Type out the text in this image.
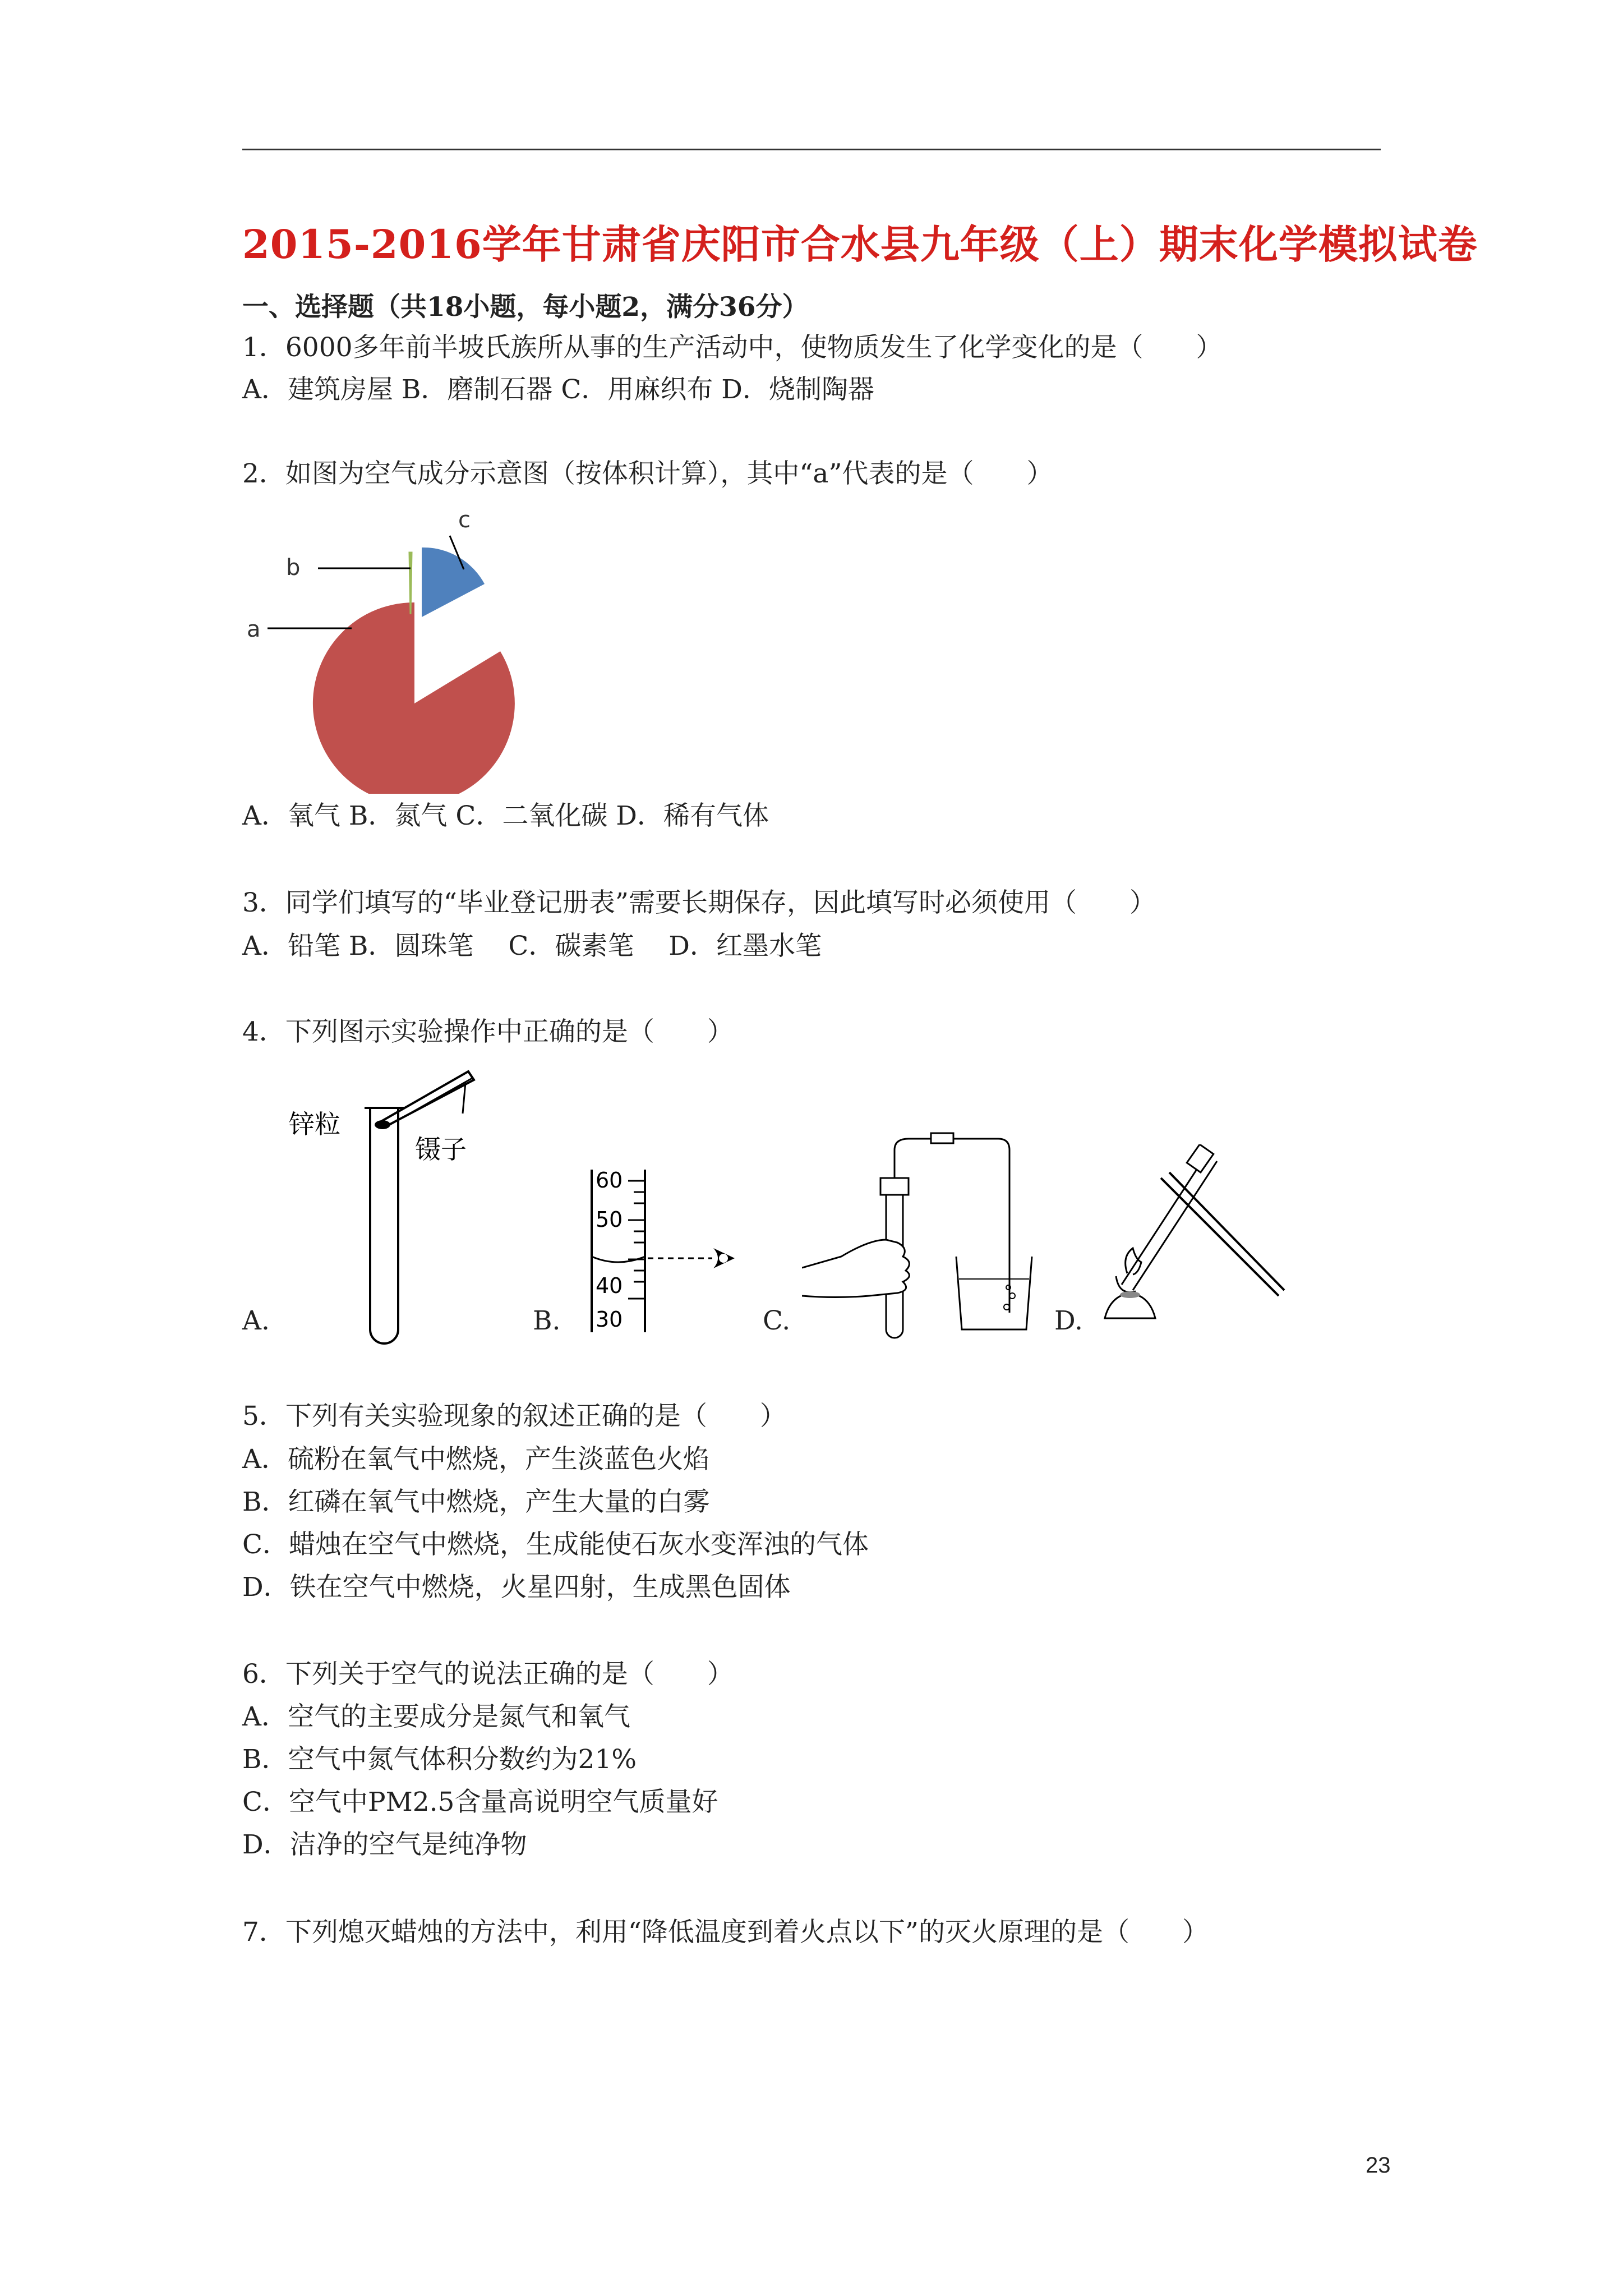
2015-2016学年甘肃省庆阳市合水县九年级（上）期末化学模拟试卷
一、选择题（共18小题，每小题2，满分36分）
1．6000多年前半坡氏族所从事的生产活动中，使物质发生了化学变化的是（　　）
A．建筑房屋 B．磨制石器 C．用麻织布 D．烧制陶器
2．如图为空气成分示意图（按体积计算），其中“a”代表的是（　　）
a
b
c
A．氧气 B．氮气 C．二氧化碳 D．稀有气体
3．同学们填写的“毕业登记册表”需要长期保存，因此填写时必须使用（　　）
A．铅笔 B．圆珠笔　 C．碳素笔　 D．红墨水笔
4．下列图示实验操作中正确的是（　　）
锌粒
镊子
A.
60
50
40
30
B.	C.	D.
5．下列有关实验现象的叙述正确的是（　　）
A．硫粉在氧气中燃烧，产生淡蓝色火焰
B．红磷在氧气中燃烧，产生大量的白雾
C．蜡烛在空气中燃烧，生成能使石灰水变浑浊的气体
D．铁在空气中燃烧，火星四射，生成黑色固体
6．下列关于空气的说法正确的是（　　）
A．空气的主要成分是氮气和氧气
B．空气中氮气体积分数约为21%
C．空气中PM2.5含量高说明空气质量好
D．洁净的空气是纯净物
7．下列熄灭蜡烛的方法中，利用“降低温度到着火点以下”的灭火原理的是（　　）
23
